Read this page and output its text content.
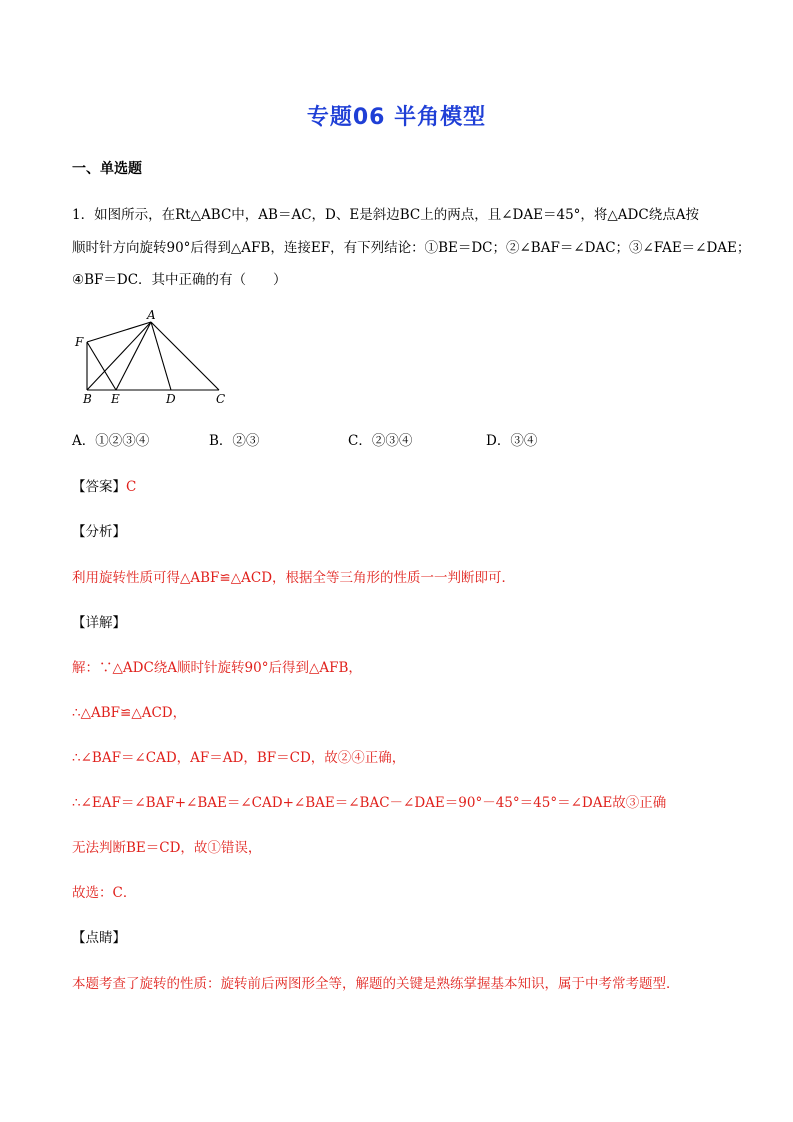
专题06 半角模型
一、单选题
1．如图所示，在Rt△ABC中，AB＝AC，D、E是斜边BC上的两点，且∠DAE＝45°，将△ADC绕点A按
顺时针方向旋转90°后得到△AFB，连接EF，有下列结论：①BE＝DC；②∠BAF＝∠DAC；③∠FAE＝∠DAE；
④BF＝DC．其中正确的有（　　）
A
F
B E	D	C
A．①②③④	B．②③	C．②③④	D．③④
【答案】C
【分析】
利用旋转性质可得△ABF≌△ACD，根据全等三角形的性质一一判断即可．
【详解】
解：∵△ADC绕A顺时针旋转90°后得到△AFB，
∴△ABF≌△ACD，
∴∠BAF＝∠CAD，AF＝AD，BF＝CD，故②④正确，
∴∠EAF＝∠BAF+∠BAE＝∠CAD+∠BAE＝∠BAC－∠DAE＝90°－45°＝45°＝∠DAE故③正确
无法判断BE＝CD，故①错误，
故选：C．
【点睛】
本题考查了旋转的性质：旋转前后两图形全等，解题的关键是熟练掌握基本知识，属于中考常考题型．
